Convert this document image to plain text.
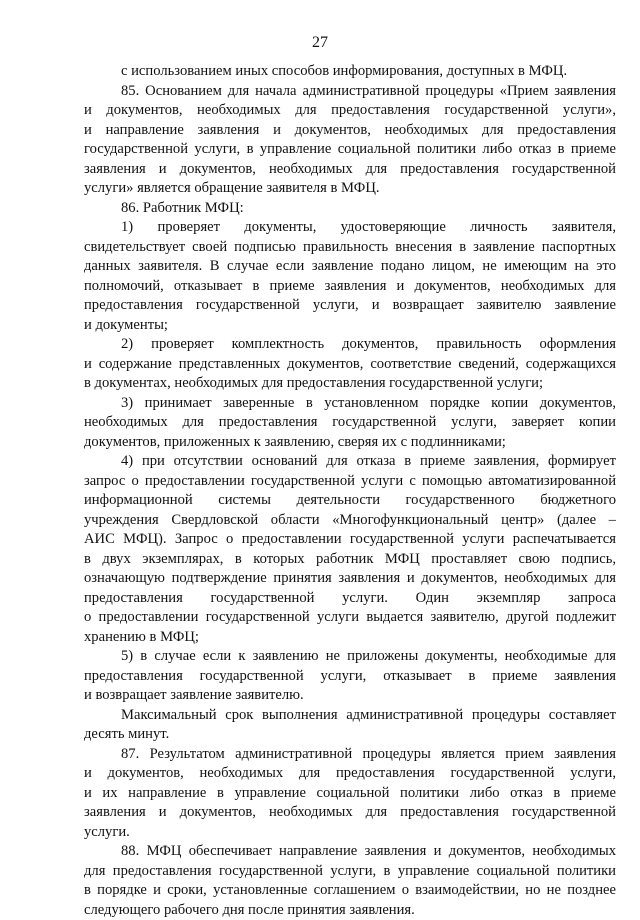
27
с использованием иных способов информирования, доступных в МФЦ.
85. Основанием для начала административной процедуры «Прием заявления
и документов, необходимых для предоставления государственной услуги»,
и направление заявления и документов, необходимых для предоставления
государственной услуги, в управление социальной политики либо отказ в приеме
заявления и документов, необходимых для предоставления государственной
услуги» является обращение заявителя в МФЦ.
86. Работник МФЦ:
1) проверяет документы, удостоверяющие личность заявителя,
свидетельствует своей подписью правильность внесения в заявление паспортных
данных заявителя. В случае если заявление подано лицом, не имеющим на это
полномочий, отказывает в приеме заявления и документов, необходимых для
предоставления государственной услуги, и возвращает заявителю заявление
и документы;
2) проверяет комплектность документов, правильность оформления
и содержание представленных документов, соответствие сведений, содержащихся
в документах, необходимых для предоставления государственной услуги;
3) принимает заверенные в установленном порядке копии документов,
необходимых для предоставления государственной услуги, заверяет копии
документов, приложенных к заявлению, сверяя их с подлинниками;
4) при отсутствии оснований для отказа в приеме заявления, формирует
запрос о предоставлении государственной услуги с помощью автоматизированной
информационной системы деятельности государственного бюджетного
учреждения Свердловской области «Многофункциональный центр» (далее –
АИС МФЦ). Запрос о предоставлении государственной услуги распечатывается
в двух экземплярах, в которых работник МФЦ проставляет свою подпись,
означающую подтверждение принятия заявления и документов, необходимых для
предоставления государственной услуги. Один экземпляр запроса
о предоставлении государственной услуги выдается заявителю, другой подлежит
хранению в МФЦ;
5) в случае если к заявлению не приложены документы, необходимые для
предоставления государственной услуги, отказывает в приеме заявления
и возвращает заявление заявителю.
Максимальный срок выполнения административной процедуры составляет
десять минут.
87. Результатом административной процедуры является прием заявления
и документов, необходимых для предоставления государственной услуги,
и их направление в управление социальной политики либо отказ в приеме
заявления и документов, необходимых для предоставления государственной
услуги.
88. МФЦ обеспечивает направление заявления и документов, необходимых
для предоставления государственной услуги, в управление социальной политики
в порядке и сроки, установленные соглашением о взаимодействии, но не позднее
следующего рабочего дня после принятия заявления.
